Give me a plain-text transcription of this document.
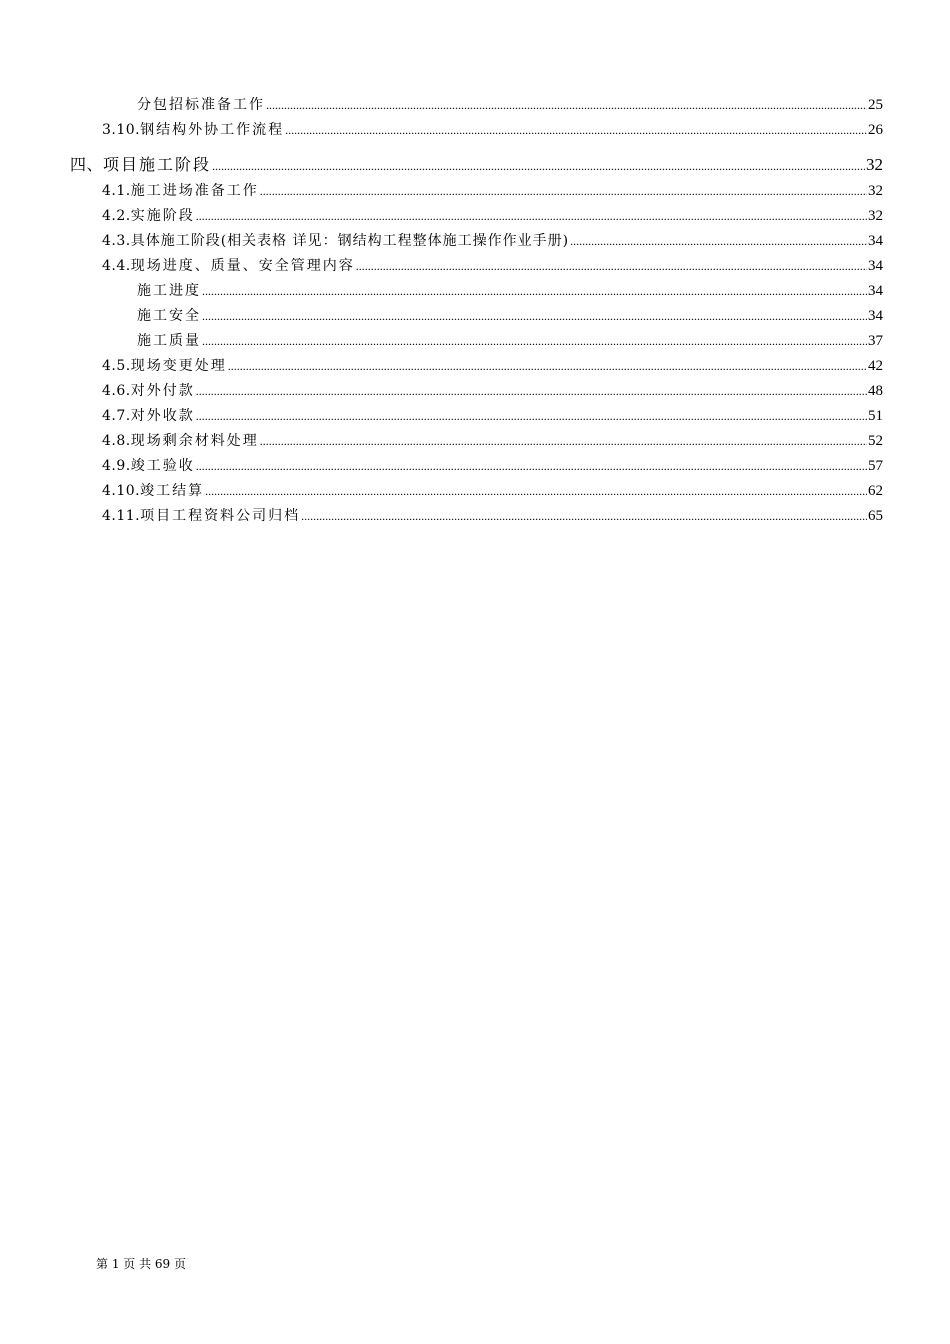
分包招标准备工作 .....	25
3.10. 钢结构外协工作流程 .....	26
四、 项目施工阶段 .....	32
4.1. 施工进场准备工作 .....	32
4.2. 实施阶段 .....	32
4.3. 具体施工阶段(相关表格 详见：钢结构工程整体施工操作作业手册) .....	34
4.4. 现场进度、质量、安全管理内容 .....	34
施工进度 .....	34
施工安全 .....	34
施工质量 .....	37
4.5. 现场变更处理 .....	42
4.6. 对外付款 .....	48
4.7. 对外收款 .....	51
4.8. 现场剩余材料处理 .....	52
4.9. 竣工验收 .....	57
4.10. 竣工结算 .....	62
4.11. 项目工程资料公司归档 .....	65
第 1 页 共 69 页
